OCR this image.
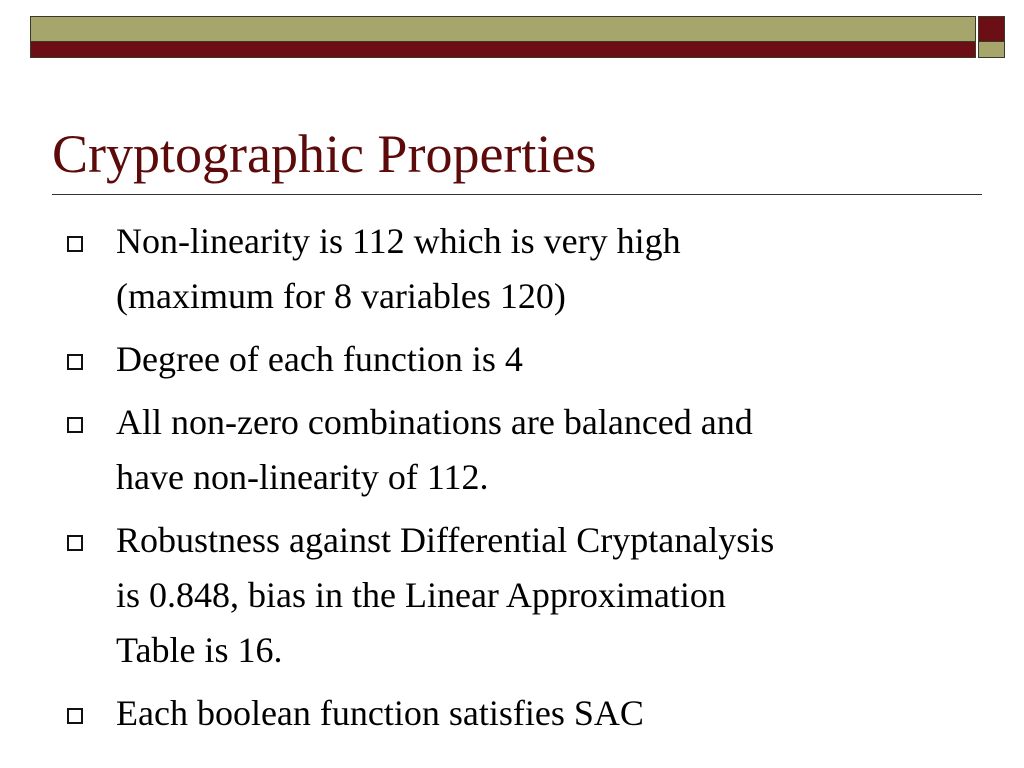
Cryptographic Properties
Non-linearity is 112 which is very high
(maximum for 8 variables 120)
Degree of each function is 4
All non-zero combinations are balanced and
have non-linearity of 112.
Robustness against Differential Cryptanalysis
is 0.848, bias in the Linear Approximation
Table is 16.
Each boolean function satisfies SAC
